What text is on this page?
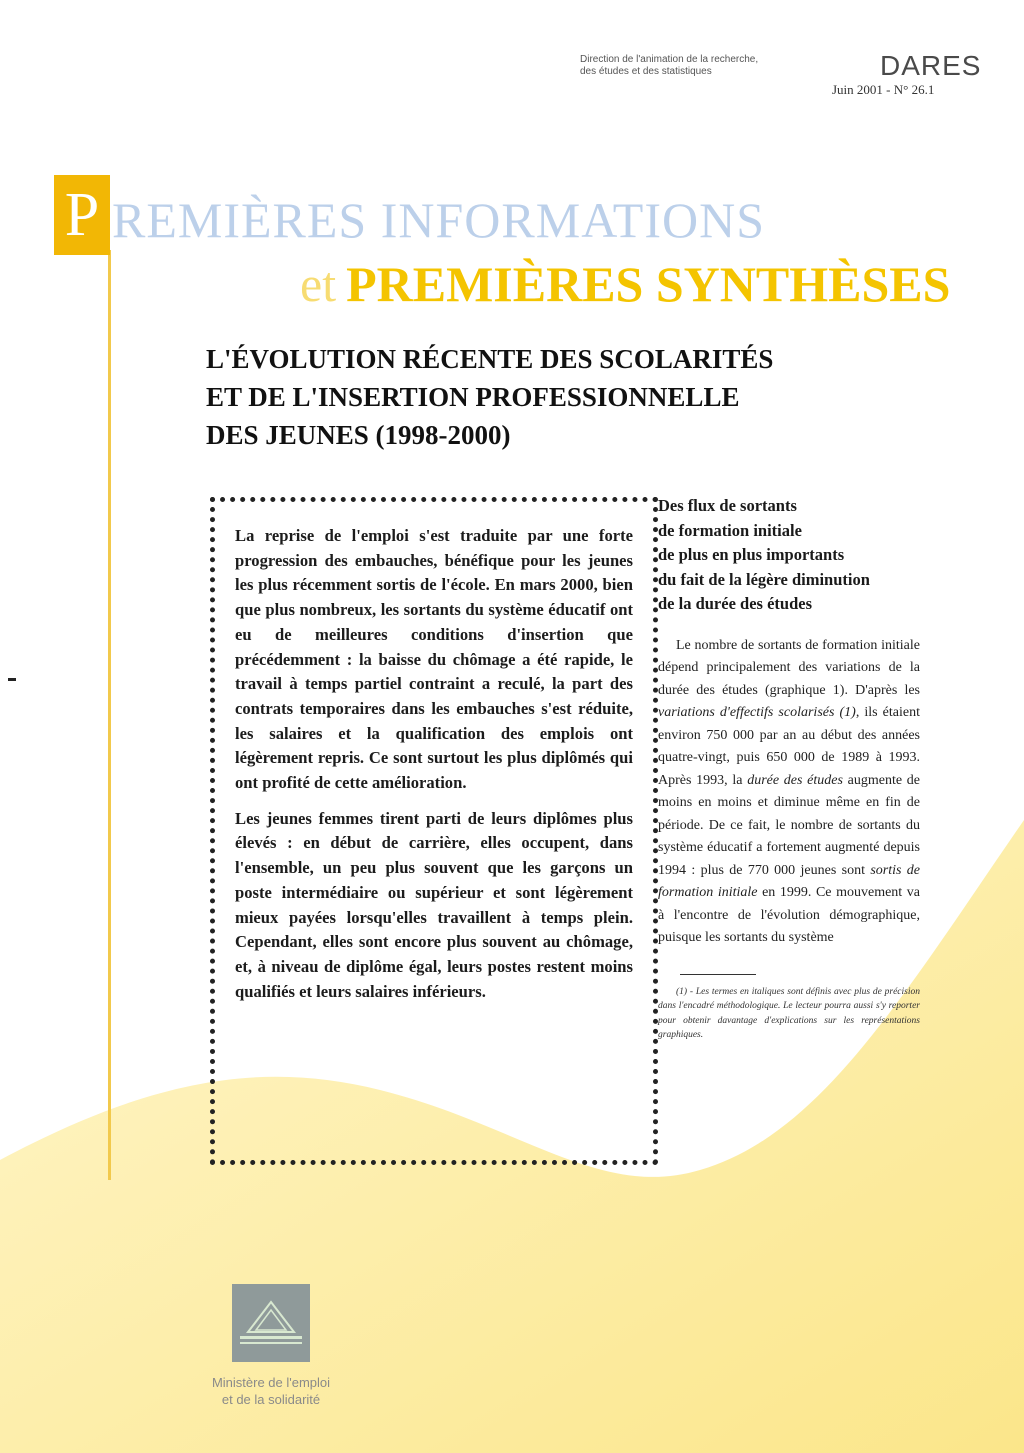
Direction de l'animation de la recherche,
des études et des statistiques	DARES
Juin 2001 - N° 26.1
P REMIÈRES INFORMATIONS
et PREMIÈRES SYNTHÈSES
L'ÉVOLUTION RÉCENTE DES SCOLARITÉS
ET DE L'INSERTION PROFESSIONNELLE
DES JEUNES (1998-2000)

La reprise de l'emploi s'est traduite par une forte progression des embauches, bénéfique pour les jeunes les plus récemment sortis de l'école. En mars 2000, bien que plus nombreux, les sortants du système éducatif ont eu de meilleures conditions d'insertion que précédemment : la baisse du chômage a été rapide, le travail à temps partiel contraint a reculé, la part des contrats temporaires dans les embauches s'est réduite, les salaires et la qualification des emplois ont légèrement repris. Ce sont surtout les plus diplômés qui ont profité de cette amélioration.

Les jeunes femmes tirent parti de leurs diplômes plus élevés : en début de carrière, elles occupent, dans l'ensemble, un peu plus souvent que les garçons un poste intermédiaire ou supérieur et sont légèrement mieux payées lorsqu'elles travaillent à temps plein. Cependant, elles sont encore plus souvent au chômage, et, à niveau de diplôme égal, leurs postes restent moins qualifiés et leurs salaires inférieurs.

Des flux de sortants
de formation initiale
de plus en plus importants
du fait de la légère diminution
de la durée des études

Le nombre de sortants de formation initiale dépend principalement des variations de la durée des études (graphique 1). D'après les variations d'effectifs scolarisés (1), ils étaient environ 750 000 par an au début des années quatre-vingt, puis 650 000 de 1989 à 1993. Après 1993, la durée des études augmente de moins en moins et diminue même en fin de période. De ce fait, le nombre de sortants du système éducatif a fortement augmenté depuis 1994 : plus de 770 000 jeunes sont sortis de formation initiale en 1999. Ce mouvement va à l'encontre de l'évolution démographique, puisque les sortants du système

(1) - Les termes en italiques sont définis avec plus de précision dans l'encadré méthodologique. Le lecteur pourra aussi s'y reporter pour obtenir davantage d'explications sur les représentations graphiques.

Ministère de l'emploi
et de la solidarité
